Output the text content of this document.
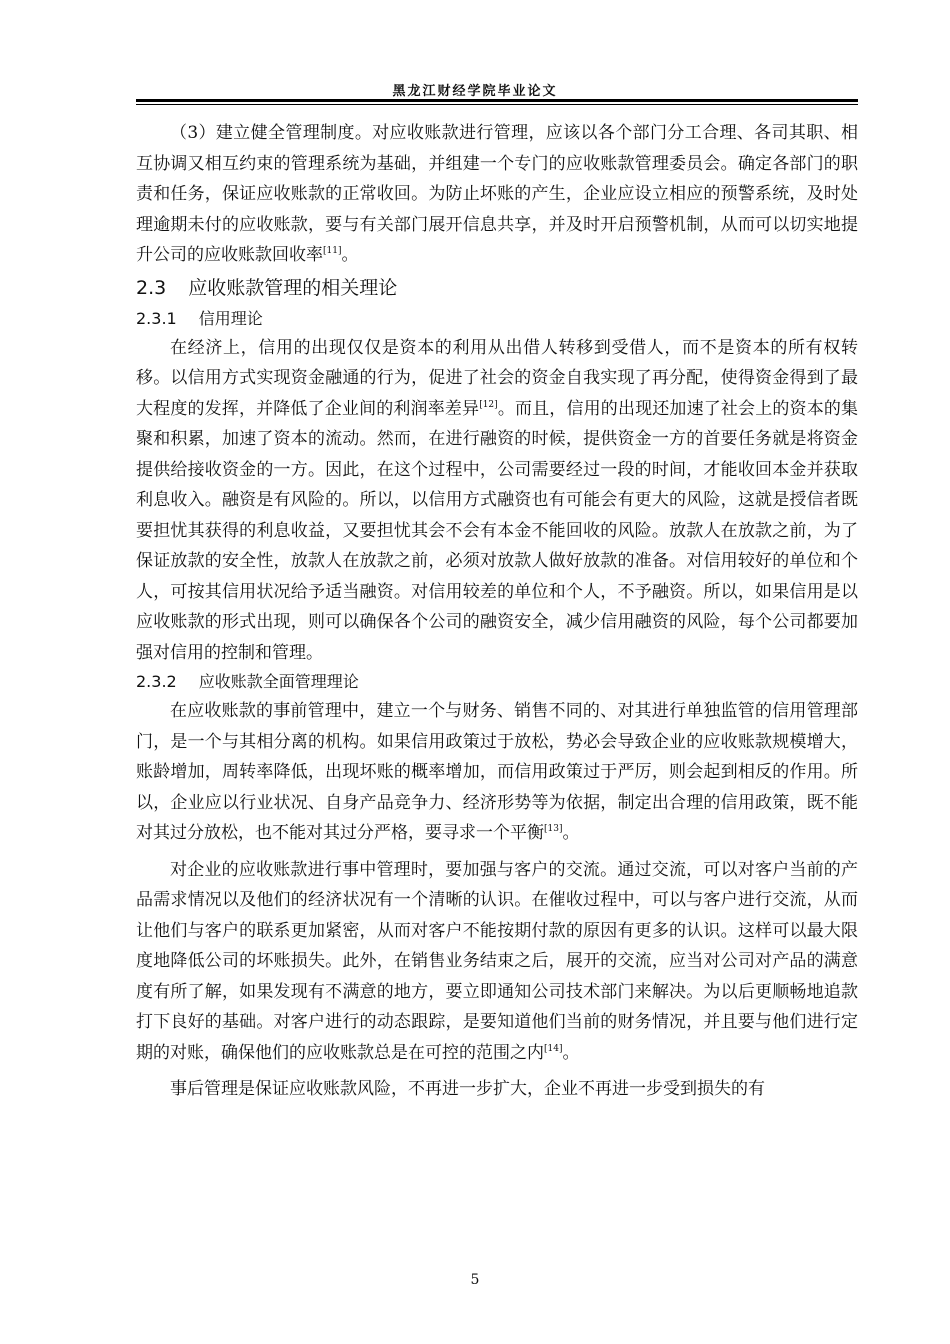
黑龙江财经学院毕业论文

（3）建立健全管理制度。对应收账款进行管理，应该以各个部门分工合理、各司其职、相互协调又相互约束的管理系统为基础，并组建一个专门的应收账款管理委员会。确定各部门的职责和任务，保证应收账款的正常收回。为防止坏账的产生，企业应设立相应的预警系统，及时处理逾期未付的应收账款，要与有关部门展开信息共享，并及时开启预警机制，从而可以切实地提升公司的应收账款回收率[11]。

2.3 应收账款管理的相关理论
2.3.1 信用理论

在经济上，信用的出现仅仅是资本的利用从出借人转移到受借人，而不是资本的所有权转移。以信用方式实现资金融通的行为，促进了社会的资金自我实现了再分配，使得资金得到了最大程度的发挥，并降低了企业间的利润率差异[12]。而且，信用的出现还加速了社会上的资本的集聚和积累，加速了资本的流动。然而，在进行融资的时候，提供资金一方的首要任务就是将资金提供给接收资金的一方。因此，在这个过程中，公司需要经过一段的时间，才能收回本金并获取利息收入。融资是有风险的。所以，以信用方式融资也有可能会有更大的风险，这就是授信者既要担忧其获得的利息收益，又要担忧其会不会有本金不能回收的风险。放款人在放款之前，为了保证放款的安全性，放款人在放款之前，必须对放款人做好放款的准备。对信用较好的单位和个人，可按其信用状况给予适当融资。对信用较差的单位和个人，不予融资。所以，如果信用是以应收账款的形式出现，则可以确保各个公司的融资安全，减少信用融资的风险，每个公司都要加强对信用的控制和管理。

2.3.2 应收账款全面管理理论

在应收账款的事前管理中，建立一个与财务、销售不同的、对其进行单独监管的信用管理部门，是一个与其相分离的机构。如果信用政策过于放松，势必会导致企业的应收账款规模增大，账龄增加，周转率降低，出现坏账的概率增加，而信用政策过于严厉，则会起到相反的作用。所以，企业应以行业状况、自身产品竞争力、经济形势等为依据，制定出合理的信用政策，既不能对其过分放松，也不能对其过分严格，要寻求一个平衡[13]。

对企业的应收账款进行事中管理时，要加强与客户的交流。通过交流，可以对客户当前的产品需求情况以及他们的经济状况有一个清晰的认识。在催收过程中，可以与客户进行交流，从而让他们与客户的联系更加紧密，从而对客户不能按期付款的原因有更多的认识。这样可以最大限度地降低公司的坏账损失。此外，在销售业务结束之后，展开的交流，应当对公司对产品的满意度有所了解，如果发现有不满意的地方，要立即通知公司技术部门来解决。为以后更顺畅地追款打下良好的基础。对客户进行的动态跟踪，是要知道他们当前的财务情况，并且要与他们进行定期的对账，确保他们的应收账款总是在可控的范围之内[14]。

事后管理是保证应收账款风险，不再进一步扩大，企业不再进一步受到损失的有

5
